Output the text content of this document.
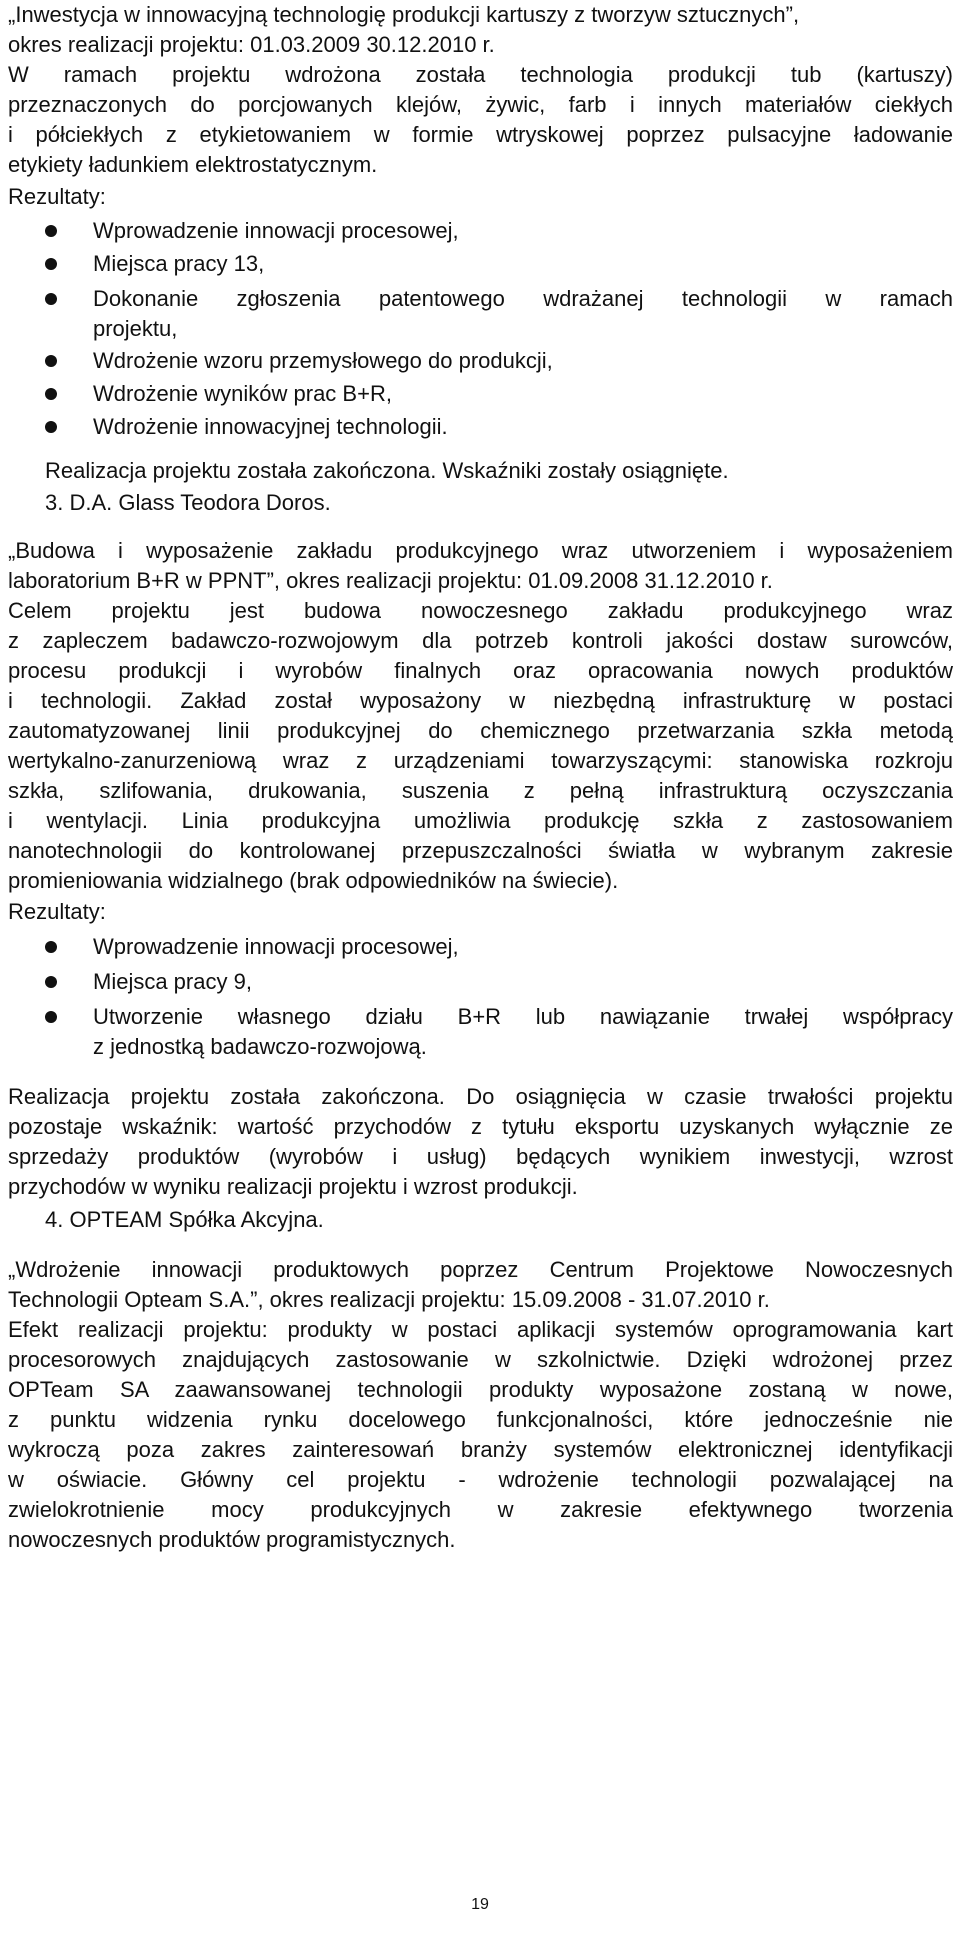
„Inwestycja w innowacyjną technologię produkcji kartuszy z tworzyw sztucznych”,
okres realizacji projektu: 01.03.2009 30.12.2010 r.
W ramach projektu wdrożona została technologia produkcji tub (kartuszy)
przeznaczonych do porcjowanych klejów, żywic, farb i innych materiałów ciekłych
i półciekłych z etykietowaniem w formie wtryskowej poprzez pulsacyjne ładowanie
etykiety ładunkiem elektrostatycznym.
Rezultaty:
Wprowadzenie innowacji procesowej,
Miejsca pracy 13,
Dokonanie zgłoszenia patentowego wdrażanej technologii w ramach
projektu,
Wdrożenie wzoru przemysłowego do produkcji,
Wdrożenie wyników prac B+R,
Wdrożenie innowacyjnej technologii.
Realizacja projektu została zakończona. Wskaźniki zostały osiągnięte.
3. D.A. Glass Teodora Doros.
„Budowa i wyposażenie zakładu produkcyjnego wraz utworzeniem i wyposażeniem
laboratorium B+R w PPNT”, okres realizacji projektu: 01.09.2008 31.12.2010 r.
Celem projektu jest budowa nowoczesnego zakładu produkcyjnego wraz
z zapleczem badawczo-rozwojowym dla potrzeb kontroli jakości dostaw surowców,
procesu produkcji i wyrobów finalnych oraz opracowania nowych produktów
i technologii. Zakład został wyposażony w niezbędną infrastrukturę w postaci
zautomatyzowanej linii produkcyjnej do chemicznego przetwarzania szkła metodą
wertykalno-zanurzeniową wraz z urządzeniami towarzyszącymi: stanowiska rozkroju
szkła, szlifowania, drukowania, suszenia z pełną infrastrukturą oczyszczania
i wentylacji. Linia produkcyjna umożliwia produkcję szkła z zastosowaniem
nanotechnologii do kontrolowanej przepuszczalności światła w wybranym zakresie
promieniowania widzialnego (brak odpowiedników na świecie).
Rezultaty:
Wprowadzenie innowacji procesowej,
Miejsca pracy 9,
Utworzenie własnego działu B+R lub nawiązanie trwałej współpracy
z jednostką badawczo-rozwojową.
Realizacja projektu została zakończona. Do osiągnięcia w czasie trwałości projektu
pozostaje wskaźnik: wartość przychodów z tytułu eksportu uzyskanych wyłącznie ze
sprzedaży produktów (wyrobów i usług) będących wynikiem inwestycji, wzrost
przychodów w wyniku realizacji projektu i wzrost produkcji.
4. OPTEAM Spółka Akcyjna.
„Wdrożenie innowacji produktowych poprzez Centrum Projektowe Nowoczesnych
Technologii Opteam S.A.”, okres realizacji projektu: 15.09.2008 - 31.07.2010 r.
Efekt realizacji projektu: produkty w postaci aplikacji systemów oprogramowania kart
procesorowych znajdujących zastosowanie w szkolnictwie. Dzięki wdrożonej przez
OPTeam SA zaawansowanej technologii produkty wyposażone zostaną w nowe,
z punktu widzenia rynku docelowego funkcjonalności, które jednocześnie nie
wykroczą poza zakres zainteresowań branży systemów elektronicznej identyfikacji
w oświacie. Główny cel projektu - wdrożenie technologii pozwalającej na
zwielokrotnienie mocy produkcyjnych w zakresie efektywnego tworzenia
nowoczesnych produktów programistycznych.
19
